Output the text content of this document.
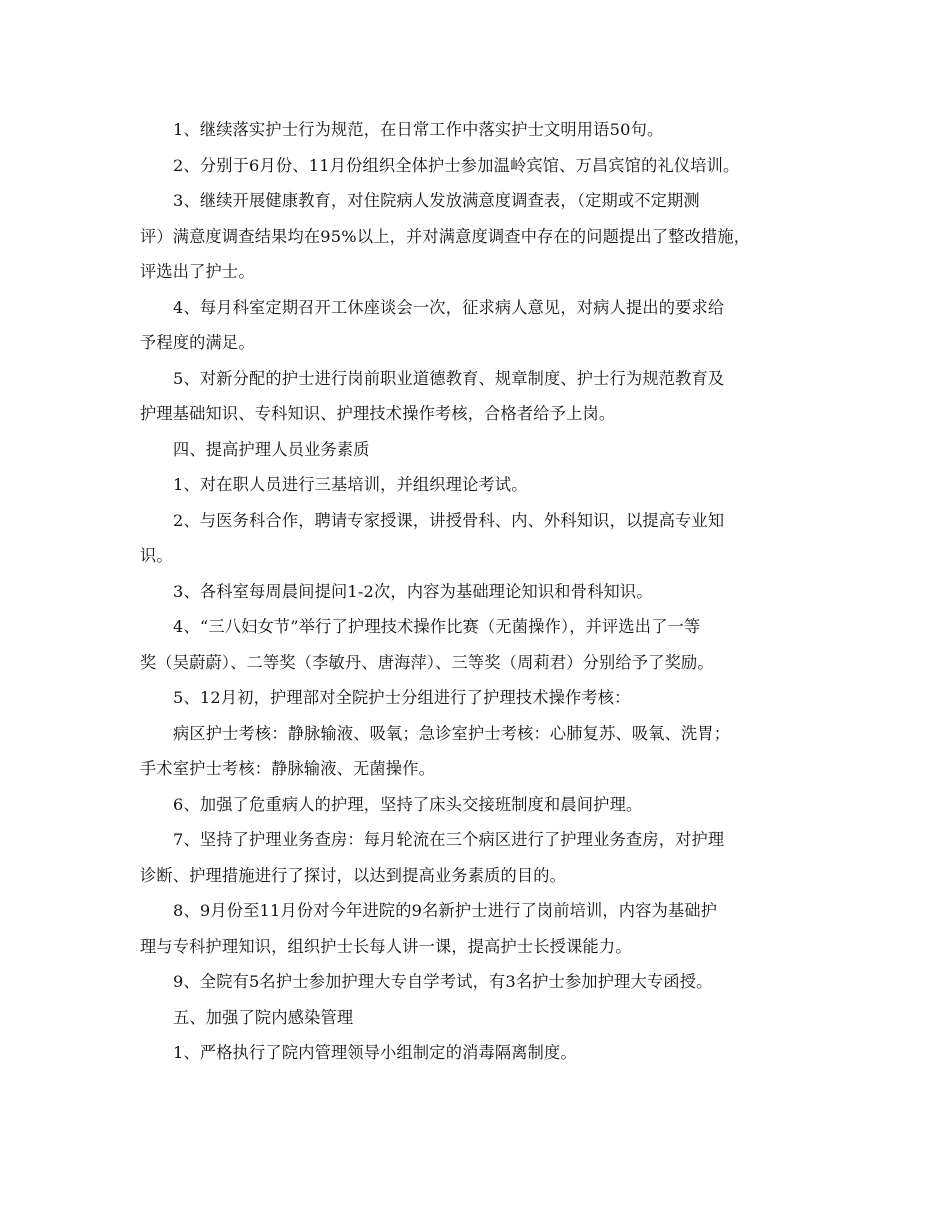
1、继续落实护士行为规范，在日常工作中落实护士文明用语50句。
2、分别于6月份、11月份组织全体护士参加温岭宾馆、万昌宾馆的礼仪培训。
3、继续开展健康教育，对住院病人发放满意度调查表，（定期或不定期测
评）满意度调查结果均在95%以上，并对满意度调查中存在的问题提出了整改措施，
评选出了护士。
4、每月科室定期召开工休座谈会一次，征求病人意见，对病人提出的要求给
予程度的满足。
5、对新分配的护士进行岗前职业道德教育、规章制度、护士行为规范教育及
护理基础知识、专科知识、护理技术操作考核，合格者给予上岗。
四、提高护理人员业务素质
1、对在职人员进行三基培训，并组织理论考试。
2、与医务科合作，聘请专家授课，讲授骨科、内、外科知识，以提高专业知
识。
3、各科室每周晨间提问1-2次，内容为基础理论知识和骨科知识。
4、“三八妇女节”举行了护理技术操作比赛（无菌操作），并评选出了一等
奖（吴蔚蔚）、二等奖（李敏丹、唐海萍）、三等奖（周莉君）分别给予了奖励。
5、12月初，护理部对全院护士分组进行了护理技术操作考核：
病区护士考核：静脉输液、吸氧；急诊室护士考核：心肺复苏、吸氧、洗胃；
手术室护士考核：静脉输液、无菌操作。
6、加强了危重病人的护理，坚持了床头交接班制度和晨间护理。
7、坚持了护理业务查房：每月轮流在三个病区进行了护理业务查房，对护理
诊断、护理措施进行了探讨，以达到提高业务素质的目的。
8、9月份至11月份对今年进院的9名新护士进行了岗前培训，内容为基础护
理与专科护理知识，组织护士长每人讲一课，提高护士长授课能力。
9、全院有5名护士参加护理大专自学考试，有3名护士参加护理大专函授。
五、加强了院内感染管理
1、严格执行了院内管理领导小组制定的消毒隔离制度。
